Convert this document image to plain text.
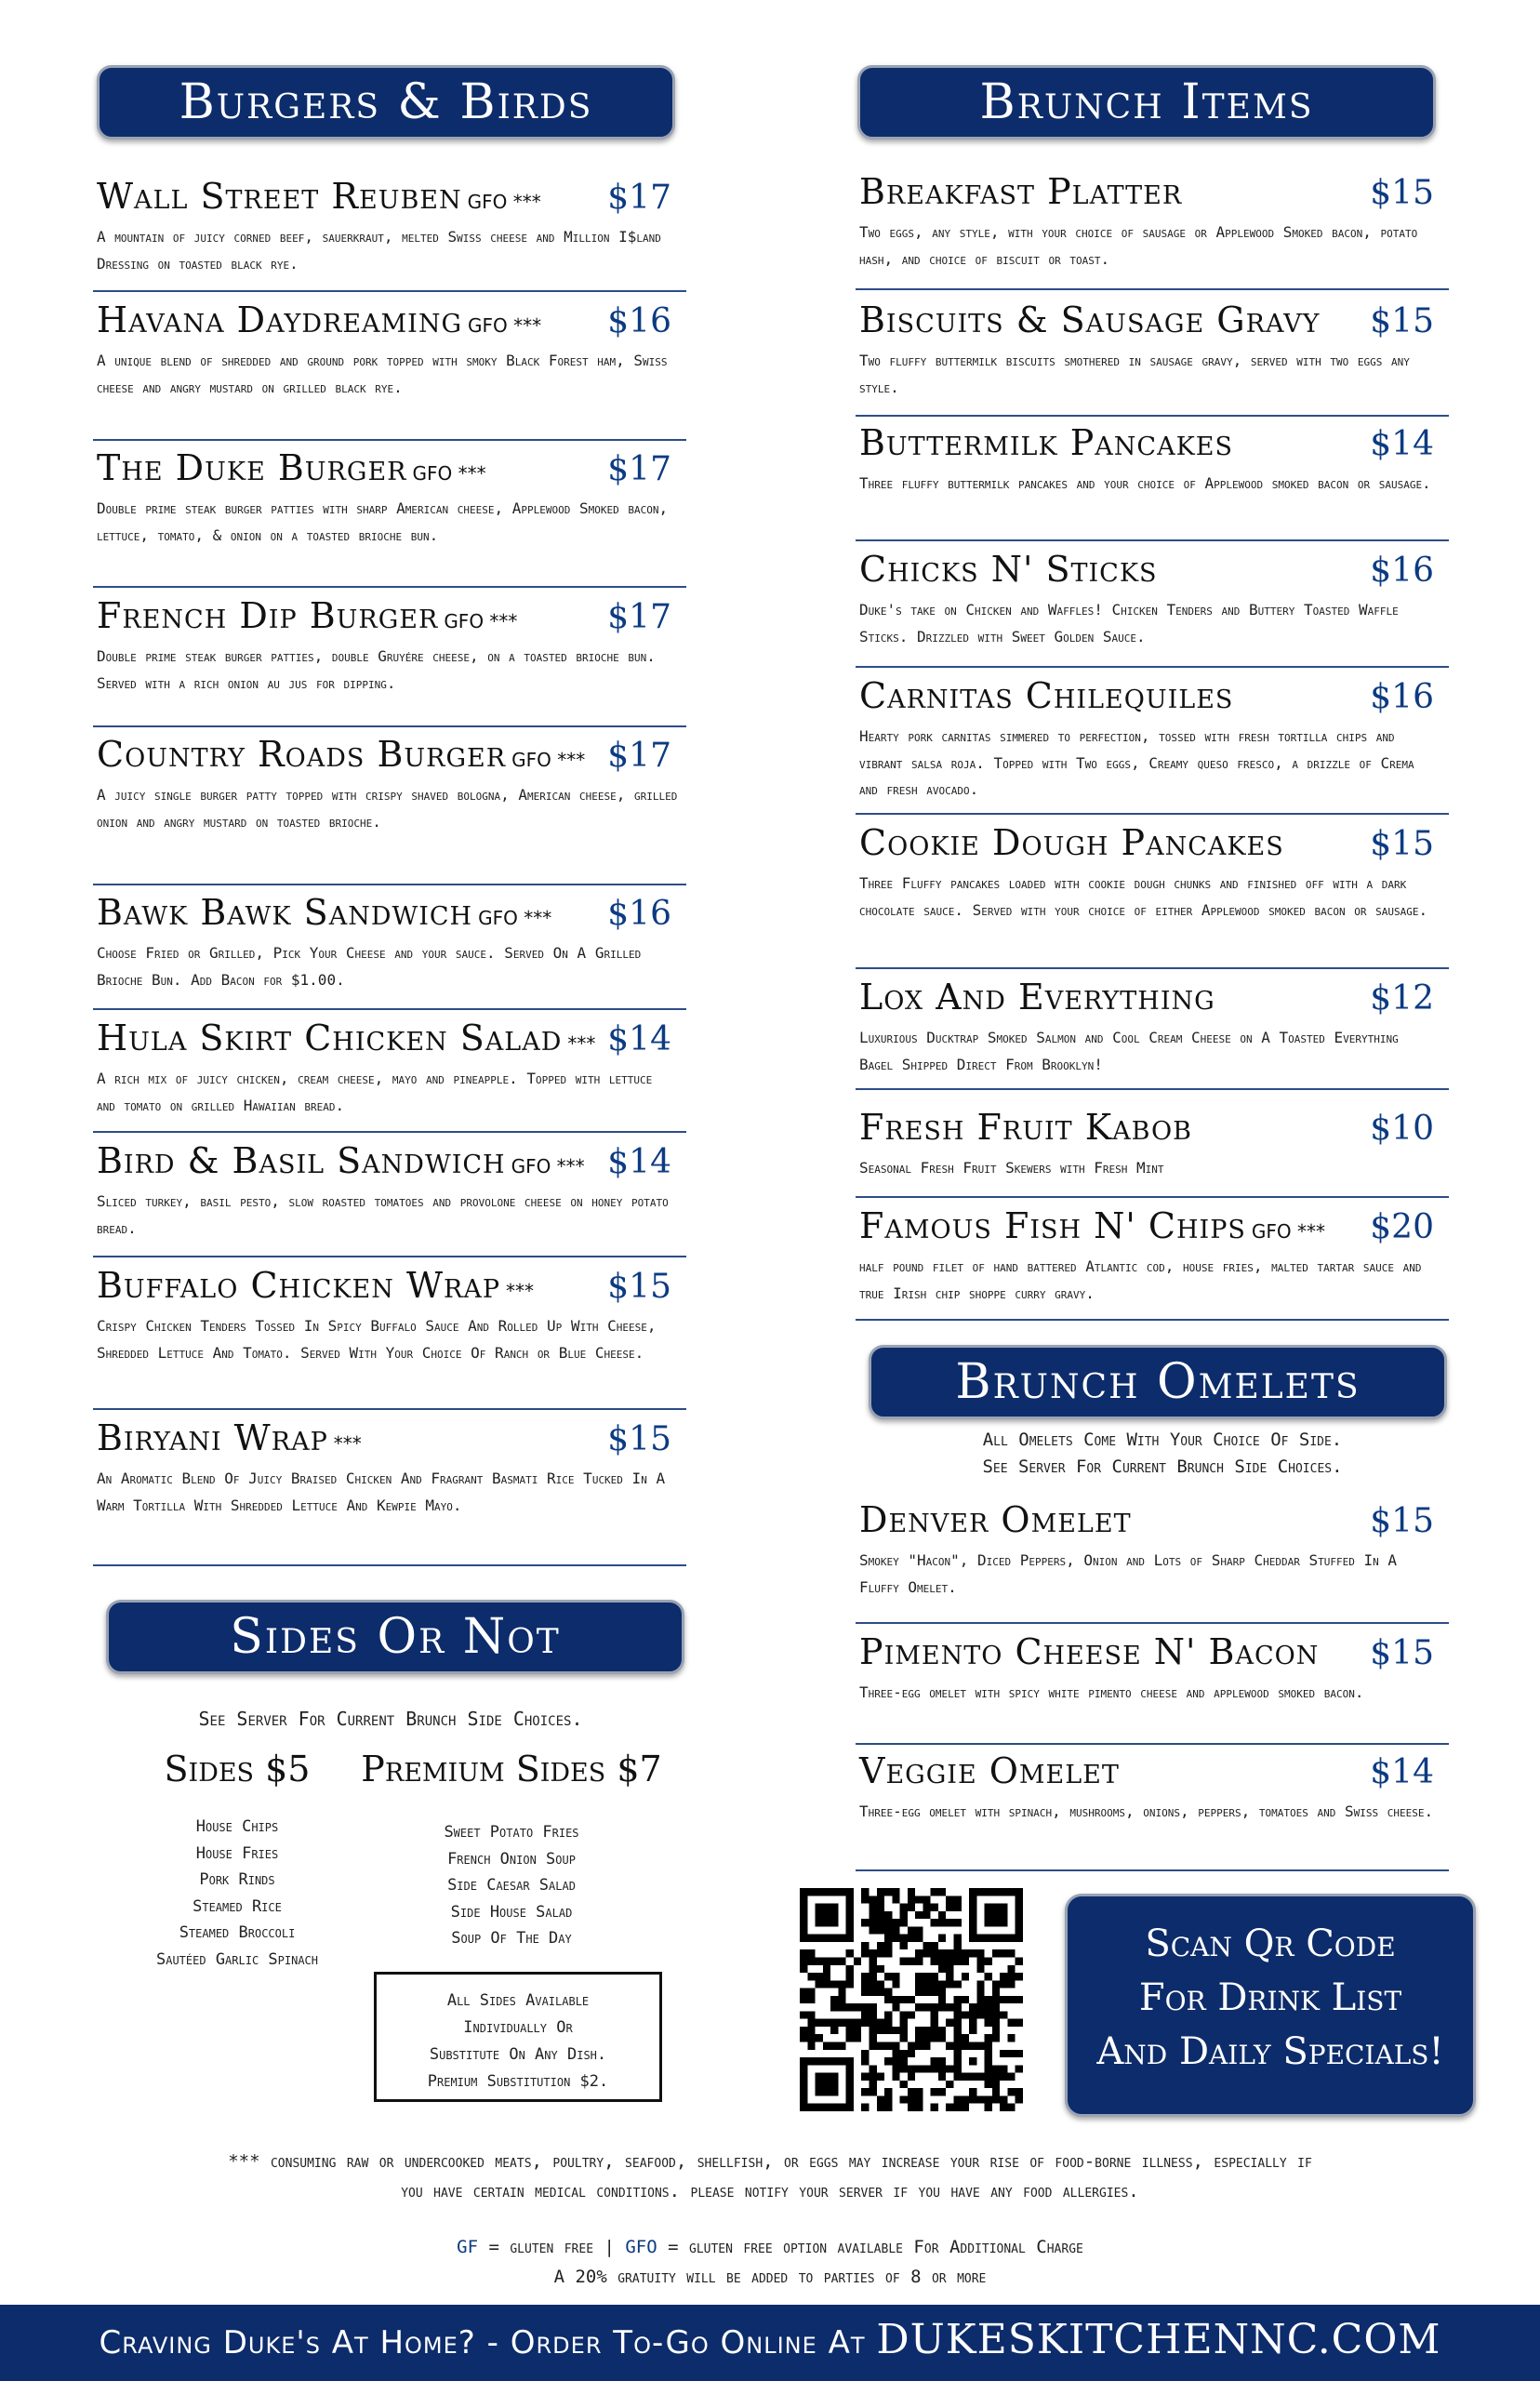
Burgers & Birds
Wall Street Reuben GFO *** $17
A mountain of juicy corned beef, sauerkraut, melted Swiss cheese and Million I$land Dressing on toasted black rye.
Havana Daydreaming GFO *** $16
A unique blend of shredded and ground pork topped with smoky Black Forest ham, Swiss cheese and angry mustard on grilled black rye.
The Duke Burger GFO ***	$17
Double prime steak burger patties with sharp American cheese, Applewood Smoked bacon, lettuce, tomato, & onion on a toasted brioche bun.
French Dip Burger GFO ***	$17
Double prime steak burger patties, double Gruyére cheese, on a toasted brioche bun. Served with a rich onion au jus for dipping.
Country Roads Burger GFO *** $17
A juicy single burger patty topped with crispy shaved bologna, American cheese, grilled onion and angry mustard on toasted brioche.
Bawk Bawk Sandwich GFO *** $16
Choose Fried or Grilled, Pick Your Cheese and your sauce. Served On A Grilled Brioche Bun. Add Bacon for $1.00.
Hula Skirt Chicken Salad *** $14
A rich mix of juicy chicken, cream cheese, mayo and pineapple. Topped with lettuce and tomato on grilled Hawaiian bread.
Bird & Basil Sandwich GFO *** $14
Sliced turkey, basil pesto, slow roasted tomatoes and provolone cheese on honey potato bread.
Buffalo Chicken Wrap *** $15
Crispy Chicken Tenders Tossed In Spicy Buffalo Sauce And Rolled Up With Cheese, Shredded Lettuce And Tomato. Served With Your Choice Of Ranch or Blue Cheese.
Biryani Wrap ***	$15
An Aromatic Blend Of Juicy Braised Chicken And Fragrant Basmati Rice Tucked In A Warm Tortilla With Shredded Lettuce And Kewpie Mayo.
Sides Or Not
See Server For Current Brunch Side Choices.
Sides $5
House Chips
House Fries
Pork Rinds
Steamed Rice
Steamed Broccoli
Sautéed Garlic Spinach
Premium Sides $7
Sweet Potato Fries
French Onion Soup
Side Caesar Salad
Side House Salad
Soup Of The Day
All Sides Available
Individually Or
Substitute On Any Dish.
Premium Substitution $2.
Brunch Items
Breakfast Platter	$15
Two eggs, any style, with your choice of sausage or Applewood Smoked bacon, potato hash, and choice of biscuit or toast.
Biscuits & Sausage Gravy $15
Two fluffy buttermilk biscuits smothered in sausage gravy, served with two eggs any style.
Buttermilk Pancakes	$14
Three fluffy buttermilk pancakes and your choice of Applewood smoked bacon or sausage.
Chicks N' Sticks	$16
Duke's take on Chicken and Waffles! Chicken Tenders and Buttery Toasted Waffle Sticks. Drizzled with Sweet Golden Sauce.
Carnitas Chilequiles	$16
Hearty pork carnitas simmered to perfection, tossed with fresh tortilla chips and vibrant salsa roja. Topped with Two eggs, Creamy queso fresco, a drizzle of Crema and fresh avocado.
Cookie Dough Pancakes	$15
Three Fluffy pancakes loaded with cookie dough chunks and finished off with a dark chocolate sauce. Served with your choice of either Applewood smoked bacon or sausage.
Lox And Everything	$12
Luxurious Ducktrap Smoked Salmon and Cool Cream Cheese on A Toasted Everything Bagel Shipped Direct From Brooklyn!
Fresh Fruit Kabob	$10
Seasonal Fresh Fruit Skewers with Fresh Mint
Famous Fish N' Chips GFO *** $20
half pound filet of hand battered Atlantic cod, house fries, malted tartar sauce and true Irish chip shoppe curry gravy.
Brunch Omelets
All Omelets Come With Your Choice Of Side.
See Server For Current Brunch Side Choices.
Denver Omelet	$15
Smokey "Hacon", Diced Peppers, Onion and Lots of Sharp Cheddar Stuffed In A Fluffy Omelet.
Pimento Cheese N' Bacon $15
Three-egg omelet with spicy white pimento cheese and applewood smoked bacon.
Veggie Omelet	$14
Three-egg omelet with spinach, mushrooms, onions, peppers, tomatoes and Swiss cheese.
Scan Qr Code
For Drink List
And Daily Specials!
*** consuming raw or undercooked meats, poultry, seafood, shellfish, or eggs may increase your rise of food-borne illness, especially if
you have certain medical conditions. please notify your server if you have any food allergies.
GF = gluten free | GFO = gluten free option available For Additional Charge
A 20% gratuity will be added to parties of 8 or more
Craving Duke's At Home? - Order To-Go Online At DUKESKITCHENNC.COM
